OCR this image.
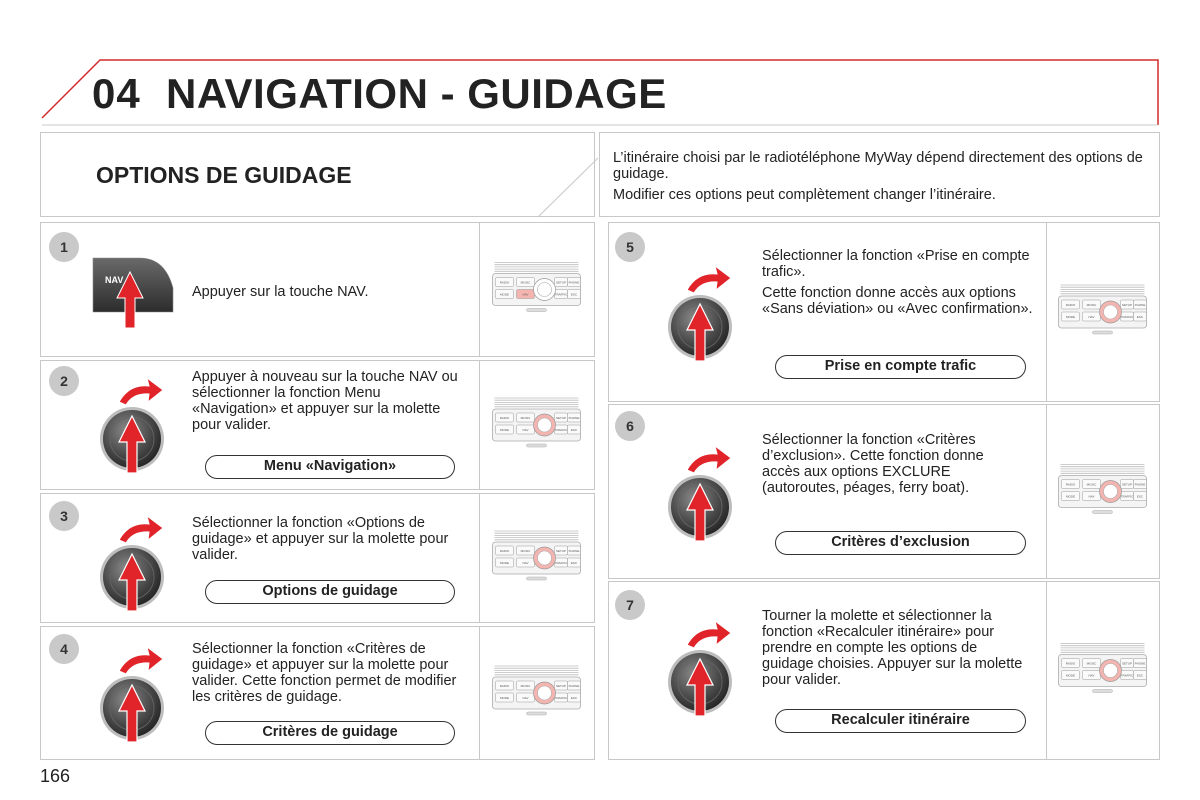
04 NAVIGATION - GUIDAGE
OPTIONS DE GUIDAGE
L’itinéraire choisi par le radiotéléphone MyWay dépend directement des options de guidage.
Modifier ces options peut complètement changer l’itinéraire.
RADIO	MUSIC	SETUP PHONE
MODE	NAV	TRAFFIC ESC
1
NAV
Appuyer sur la touche NAV.
RADIO	MUSIC	SETUP PHONE
MODE	NAV	TRAFFIC ESC
2	Appuyer à nouveau sur la touche NAV ou sélectionner la fonction Menu «Navigation» et appuyer sur la molette pour valider.
Menu «Navigation»
RADIO	MUSIC	SETUP PHONE
MODE	NAV	TRAFFIC ESC
3	Sélectionner la fonction «Options de guidage» et appuyer sur la molette pour valider.
Options de guidage
RADIO	MUSIC	SETUP PHONE
MODE	NAV	TRAFFIC ESC
4	Sélectionner la fonction «Critères de guidage» et appuyer sur la molette pour valider. Cette fonction permet de modifier les critères de guidage.
Critères de guidage
RADIO	MUSIC	SETUP PHONE
MODE	NAV	TRAFFIC ESC
5

Sélectionner la fonction «Prise en compte trafic».

Cette fonction donne accès aux options «Sans déviation» ou «Avec confirmation».

Prise en compte trafic
RADIO	MUSIC	SETUP PHONE
MODE	NAV	TRAFFIC ESC
6
Sélectionner la fonction «Critères d’exclusion». Cette fonction donne accès aux options EXCLURE (autoroutes, péages, ferry boat).
Critères d’exclusion
RADIO	MUSIC	SETUP PHONE
MODE	NAV	TRAFFIC ESC
7
Tourner la molette et sélectionner la fonction «Recalculer itinéraire» pour prendre en compte les options de guidage choisies. Appuyer sur la molette pour valider.
Recalculer itinéraire
166
